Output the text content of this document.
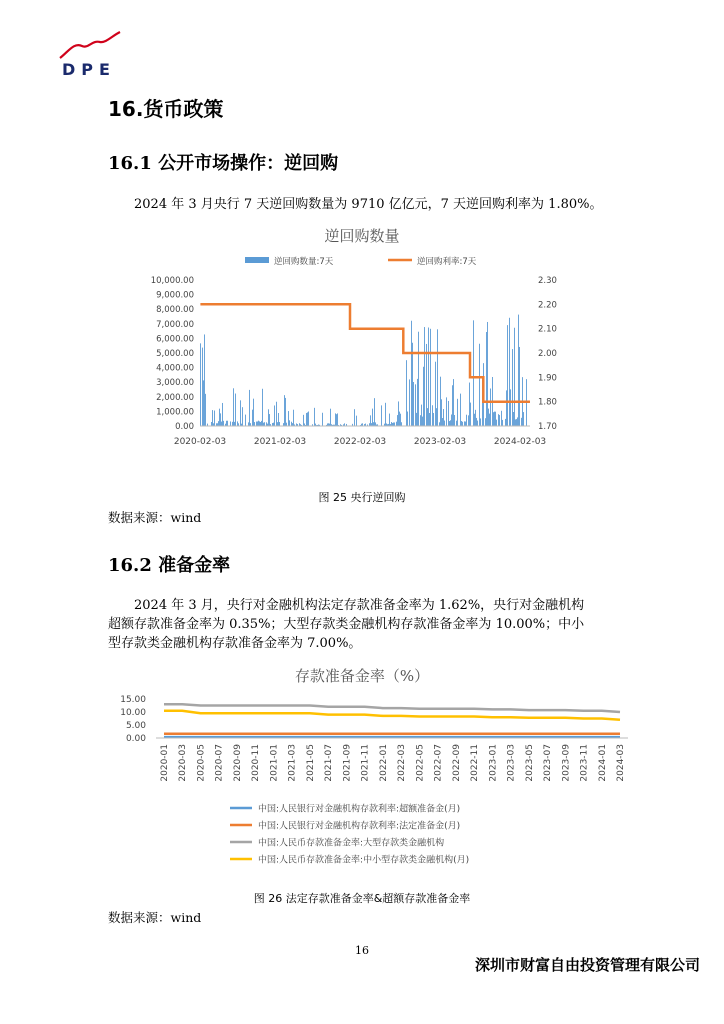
DPE
16.货币政策
16.1 公开市场操作：逆回购
2024 年 3 月央行 7 天逆回购数量为 9710 亿亿元，7 天逆回购利率为 1.80%。
逆回购数量
逆回购数量:7天	逆回购利率:7天
10,000.00
9,000.00
8,000.00
7,000.00
6,000.00
5,000.00
4,000.00
3,000.00
2,000.00
1,000.00
0.00
2.30
2.20
2.10
2.00
1.90
1.80
1.70
2020-02-03	2021-02-03	2022-02-03	2023-02-03	2024-02-03
图 25 央行逆回购
数据来源：wind
16.2 准备金率
2024 年 3 月，央行对金融机构法定存款准备金率为 1.62%，央行对金融机构
超额存款准备金率为 0.35%；大型存款类金融机构存款准备金率为 10.00%；中小
型存款类金融机构存款准备金率为 7.00%。
存款准备金率（%）
15.00
10.00
5.00
0.00
2020-01 2020-03 2020-05 2020-07 2020-09 2020-11 2021-01 2021-03 2021-05 2021-07 2021-09 2021-11 2022-01 2022-03 2022-05 2022-07 2022-09 2022-11 2023-01 2023-03 2023-05 2023-07 2023-09 2023-11 2024-01 2024-03
中国:人民银行对金融机构存款利率:超额准备金(月)
中国:人民银行对金融机构存款利率:法定准备金(月)
中国:人民币存款准备金率:大型存款类金融机构
中国:人民币存款准备金率:中小型存款类金融机构(月)
图 26 法定存款准备金率&超额存款准备金率
数据来源：wind
16
深圳市财富自由投资管理有限公司
